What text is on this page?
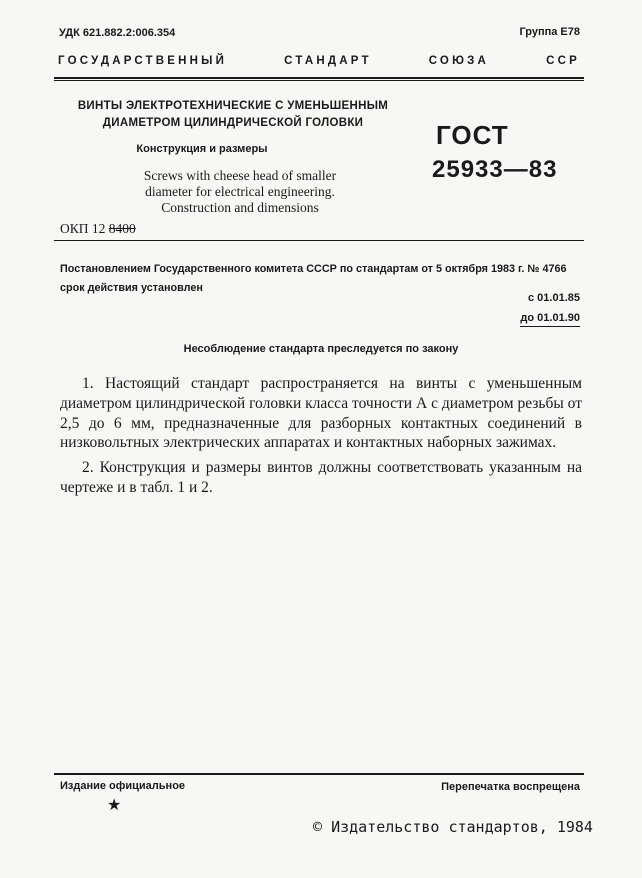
УДК 621.882.2:006.354	Группа Е78
ГОСУДАРСТВЕННЫЙ	СТАНДАРТ	СОЮЗА	ССР
ВИНТЫ ЭЛЕКТРОТЕХНИЧЕСКИЕ С УМЕНЬШЕННЫМ
ДИАМЕТРОМ ЦИЛИНДРИЧЕСКОЙ ГОЛОВКИ
Конструкция и размеры
Screws with cheese head of smaller
diameter for electrical engineering.
Construction and dimensions
ГОСТ
25933—83
ОКП 12 8400
Постановлением Государственного комитета СССР по стандартам от 5 октября 1983 г. № 4766 срок действия установлен
с 01.01.85
до 01.01.90
Несоблюдение стандарта преследуется по закону
1. Настоящий стандарт распространяется на винты с уменьшенным диаметром цилиндрической головки класса точности А с диаметром резьбы от 2,5 до 6 мм, предназначенные для разборных контактных соединений в низковольтных электрических аппаратах и контактных наборных зажимах.
2. Конструкция и размеры винтов должны соответствовать указанным на чертеже и в табл. 1 и 2.
Издание официальное	Перепечатка воспрещена
★
© Издательство стандартов, 1984
